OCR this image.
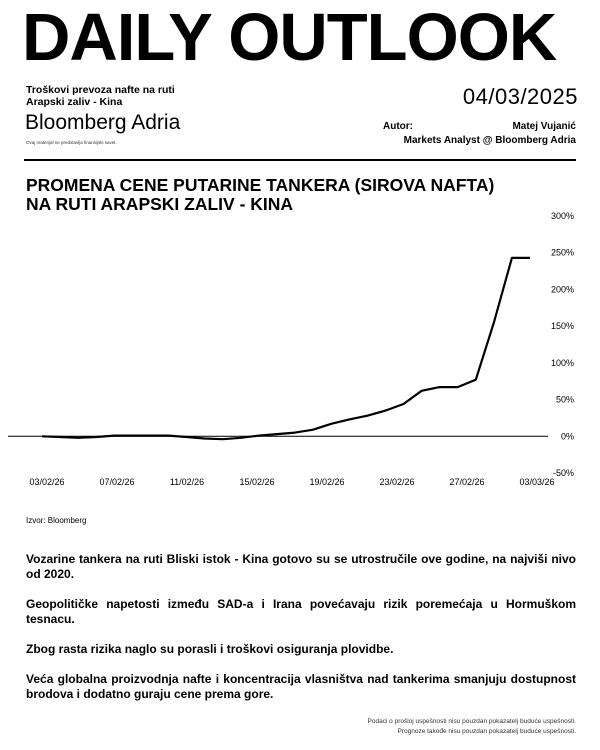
DAILY OUTLOOK
Troškovi prevoza nafte na ruti
Arapski zaliv - Kina	04/03/2025
Bloomberg Adria
Ovaj materijal ne predstavlja finansijski savet.
Autor:	Matej Vujanić
Markets Analyst @ Bloomberg Adria
PROMENA CENE PUTARINE TANKERA (SIROVA NAFTA)
NA RUTI ARAPSKI ZALIV - KINA
300%
250%
200%
150%
100%
50%
0%
-50%
03/02/26	07/02/26	11/02/26	15/02/26	19/02/26	23/02/26	27/02/26	03/03/26
Izvor: Bloomberg

Vozarine tankera na ruti Bliski istok - Kina gotovo su se utrostručile ove godine, na najviši nivo od 2020.

Geopolitičke napetosti između SAD-a i Irana povećavaju rizik poremećaja u Hormuškom tesnacu.

Zbog rasta rizika naglo su porasli i troškovi osiguranja plovidbe.

Veća globalna proizvodnja nafte i koncentracija vlasništva nad tankerima smanjuju dostupnost brodova i dodatno guraju cene prema gore.

Podaci o prošloj uspešnosti nisu pouzdan pokazatelj buduće uspešnosti.
Prognoze takođe nisu pouzdan pokazatelj buduće uspešnosti.
